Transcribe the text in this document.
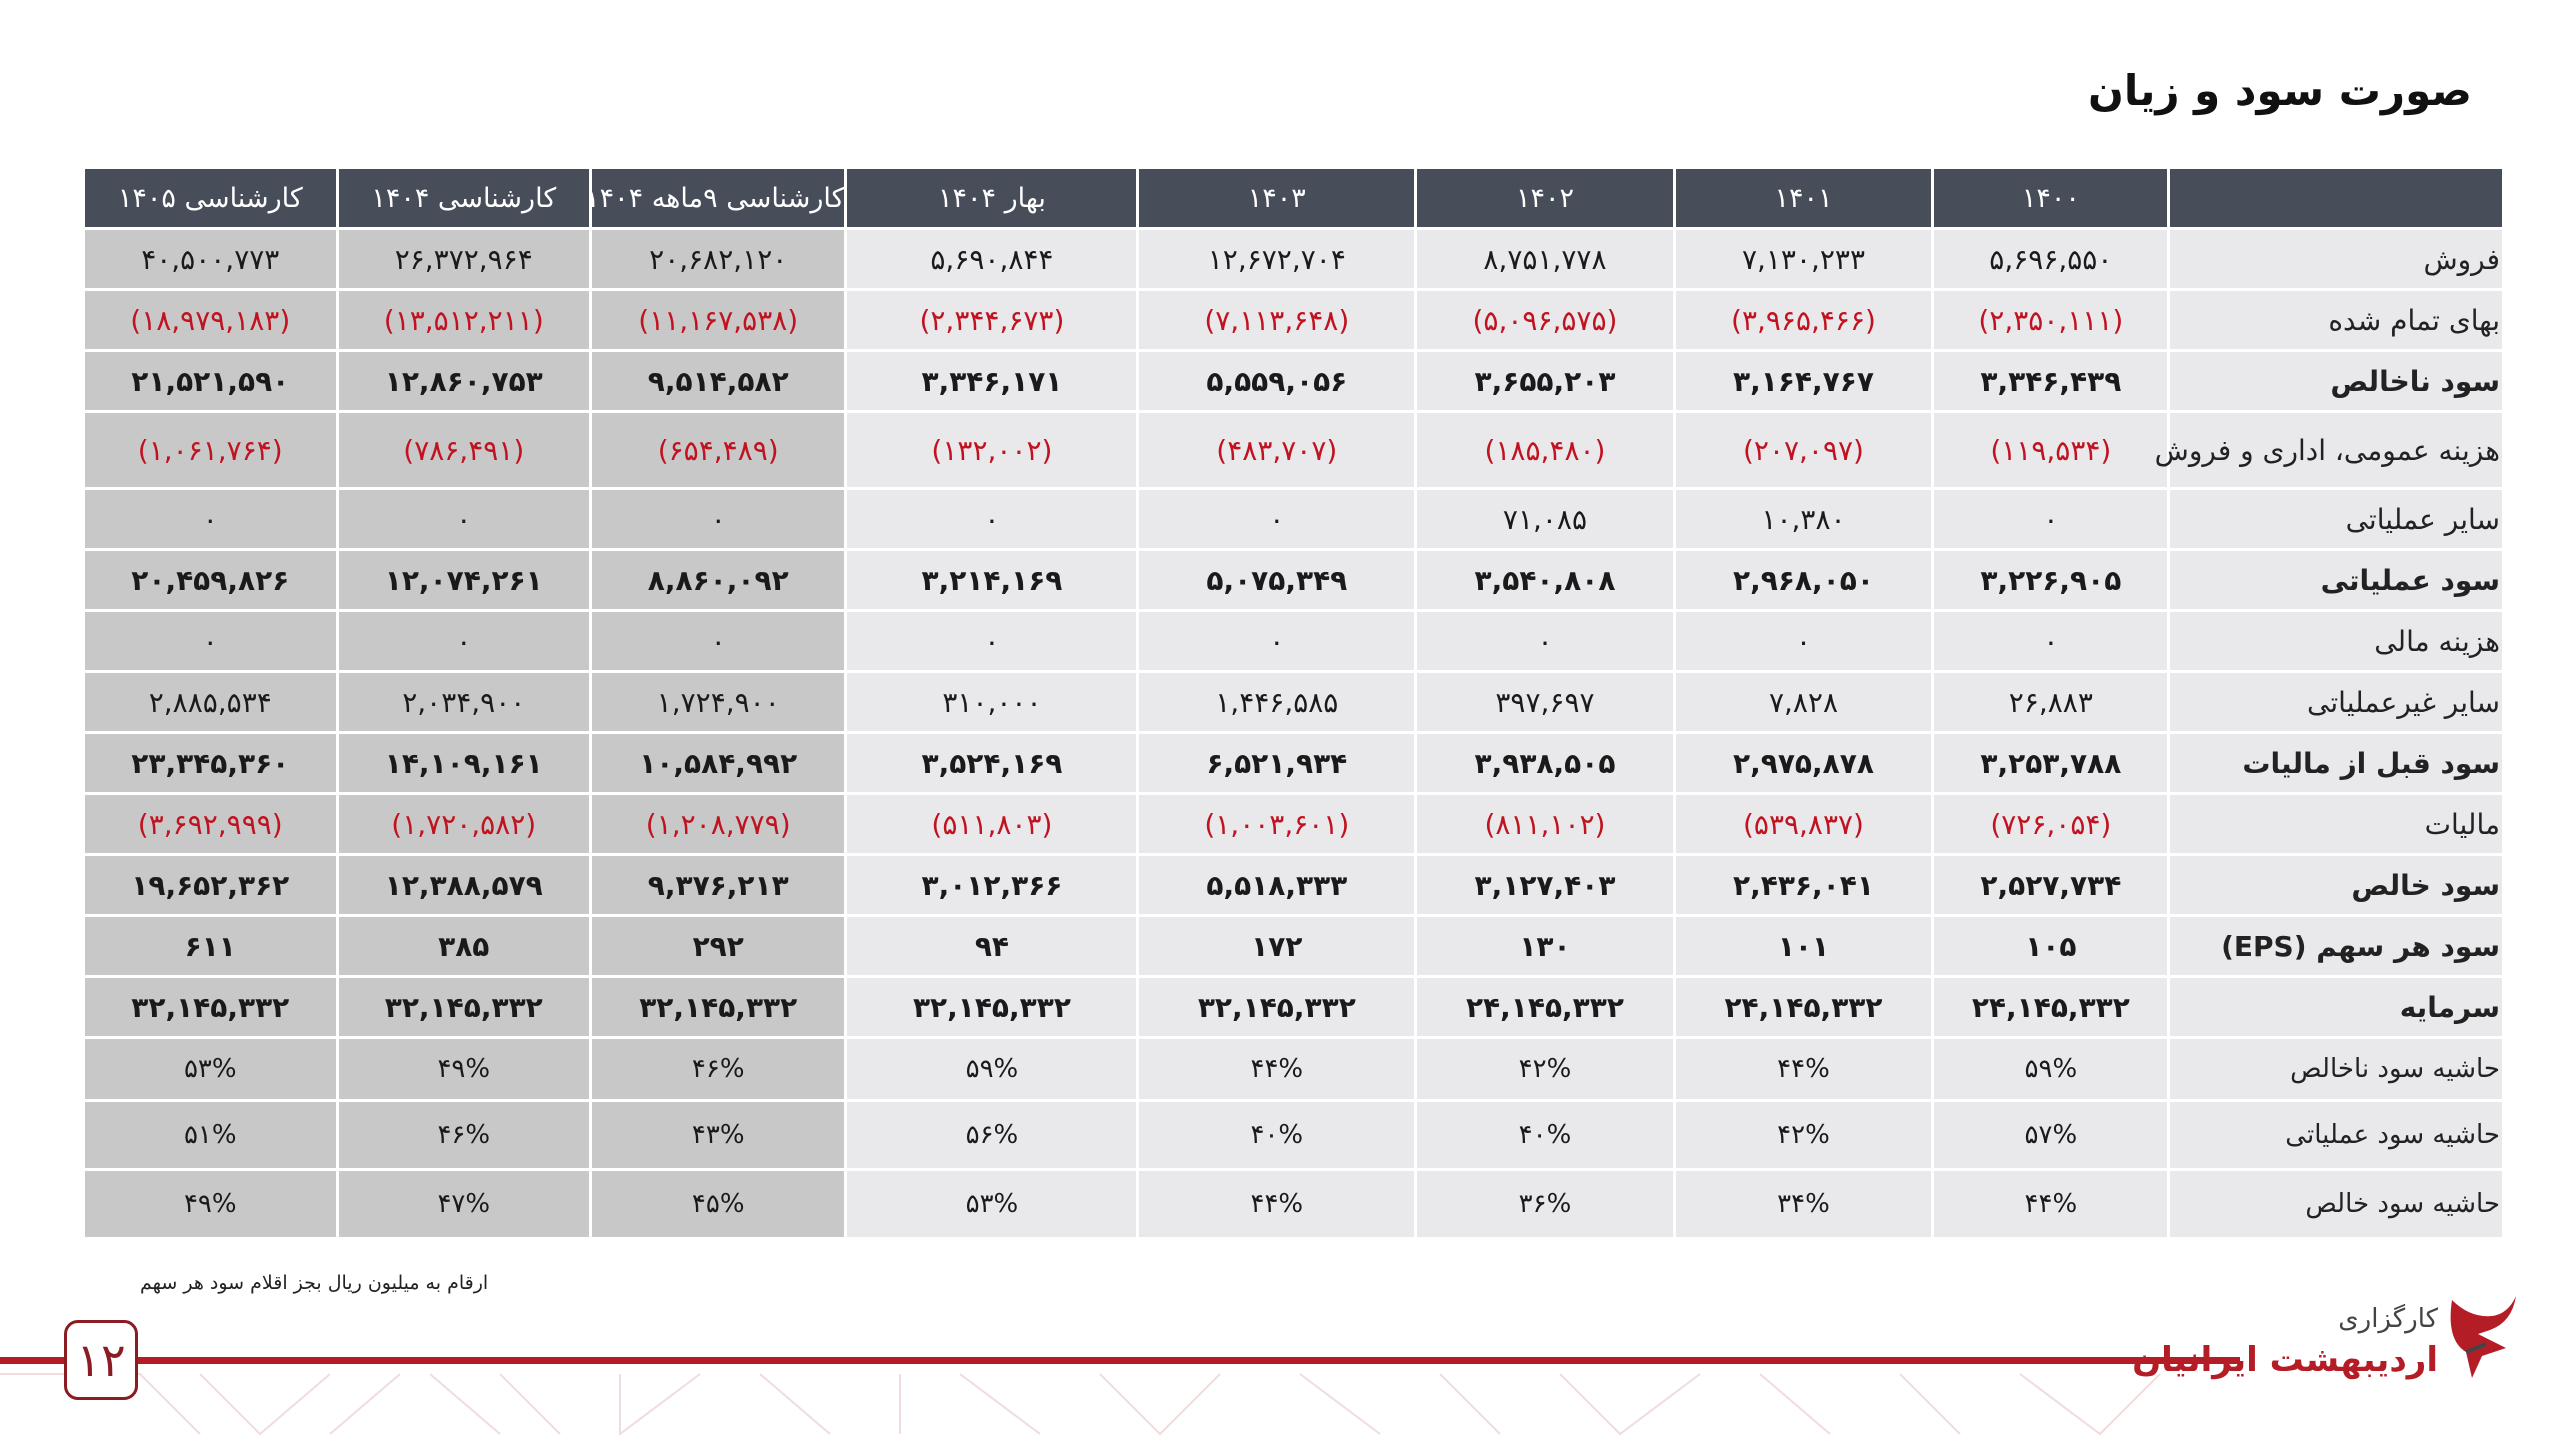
صورت سود و زیان
	۱۴۰۰	۱۴۰۱	۱۴۰۲	۱۴۰۳	بهار ۱۴۰۴	کارشناسی ۹ماهه ۱۴۰۴	کارشناسی ۱۴۰۴	کارشناسی ۱۴۰۵
فروش	۵,۶۹۶,۵۵۰	۷,۱۳۰,۲۳۳	۸,۷۵۱,۷۷۸	۱۲,۶۷۲,۷۰۴	۵,۶۹۰,۸۴۴	۲۰,۶۸۲,۱۲۰	۲۶,۳۷۲,۹۶۴	۴۰,۵۰۰,۷۷۳
بهای تمام شده	(۲,۳۵۰,۱۱۱)	(۳,۹۶۵,۴۶۶)	(۵,۰۹۶,۵۷۵)	(۷,۱۱۳,۶۴۸)	(۲,۳۴۴,۶۷۳)	(۱۱,۱۶۷,۵۳۸)	(۱۳,۵۱۲,۲۱۱)	(۱۸,۹۷۹,۱۸۳)
سود ناخالص	۳,۳۴۶,۴۳۹	۳,۱۶۴,۷۶۷	۳,۶۵۵,۲۰۳	۵,۵۵۹,۰۵۶	۳,۳۴۶,۱۷۱	۹,۵۱۴,۵۸۲	۱۲,۸۶۰,۷۵۳	۲۱,۵۲۱,۵۹۰
هزینه عمومی، اداری و فروش	(۱۱۹,۵۳۴)	(۲۰۷,۰۹۷)	(۱۸۵,۴۸۰)	(۴۸۳,۷۰۷)	(۱۳۲,۰۰۲)	(۶۵۴,۴۸۹)	(۷۸۶,۴۹۱)	(۱,۰۶۱,۷۶۴)
سایر عملیاتی	۰	۱۰,۳۸۰	۷۱,۰۸۵	۰	۰	۰	۰	۰
سود عملیاتی	۳,۲۲۶,۹۰۵	۲,۹۶۸,۰۵۰	۳,۵۴۰,۸۰۸	۵,۰۷۵,۳۴۹	۳,۲۱۴,۱۶۹	۸,۸۶۰,۰۹۲	۱۲,۰۷۴,۲۶۱	۲۰,۴۵۹,۸۲۶
هزینه مالی	۰	۰	۰	۰	۰	۰	۰	۰
سایر غیرعملیاتی	۲۶,۸۸۳	۷,۸۲۸	۳۹۷,۶۹۷	۱,۴۴۶,۵۸۵	۳۱۰,۰۰۰	۱,۷۲۴,۹۰۰	۲,۰۳۴,۹۰۰	۲,۸۸۵,۵۳۴
سود قبل از مالیات	۳,۲۵۳,۷۸۸	۲,۹۷۵,۸۷۸	۳,۹۳۸,۵۰۵	۶,۵۲۱,۹۳۴	۳,۵۲۴,۱۶۹	۱۰,۵۸۴,۹۹۲	۱۴,۱۰۹,۱۶۱	۲۳,۳۴۵,۳۶۰
مالیات	(۷۲۶,۰۵۴)	(۵۳۹,۸۳۷)	(۸۱۱,۱۰۲)	(۱,۰۰۳,۶۰۱)	(۵۱۱,۸۰۳)	(۱,۲۰۸,۷۷۹)	(۱,۷۲۰,۵۸۲)	(۳,۶۹۲,۹۹۹)
سود خالص	۲,۵۲۷,۷۳۴	۲,۴۳۶,۰۴۱	۳,۱۲۷,۴۰۳	۵,۵۱۸,۳۳۳	۳,۰۱۲,۳۶۶	۹,۳۷۶,۲۱۳	۱۲,۳۸۸,۵۷۹	۱۹,۶۵۲,۳۶۲
سود هر سهم (EPS)	۱۰۵	۱۰۱	۱۳۰	۱۷۲	۹۴	۲۹۲	۳۸۵	۶۱۱
سرمایه	۲۴,۱۴۵,۳۳۲	۲۴,۱۴۵,۳۳۲	۲۴,۱۴۵,۳۳۲	۳۲,۱۴۵,۳۳۲	۳۲,۱۴۵,۳۳۲	۳۲,۱۴۵,۳۳۲	۳۲,۱۴۵,۳۳۲	۳۲,۱۴۵,۳۳۲
حاشیه سود ناخالص	۵۹%	۴۴%	۴۲%	۴۴%	۵۹%	۴۶%	۴۹%	۵۳%
حاشیه سود عملیاتی	۵۷%	۴۲%	۴۰%	۴۰%	۵۶%	۴۳%	۴۶%	۵۱%
حاشیه سود خالص	۴۴%	۳۴%	۳۶%	۴۴%	۵۳%	۴۵%	۴۷%	۴۹%
ارقام به میلیون ریال بجز اقلام سود هر سهم
۱۲
کارگزاری
اردیبهشت ایرانیان
